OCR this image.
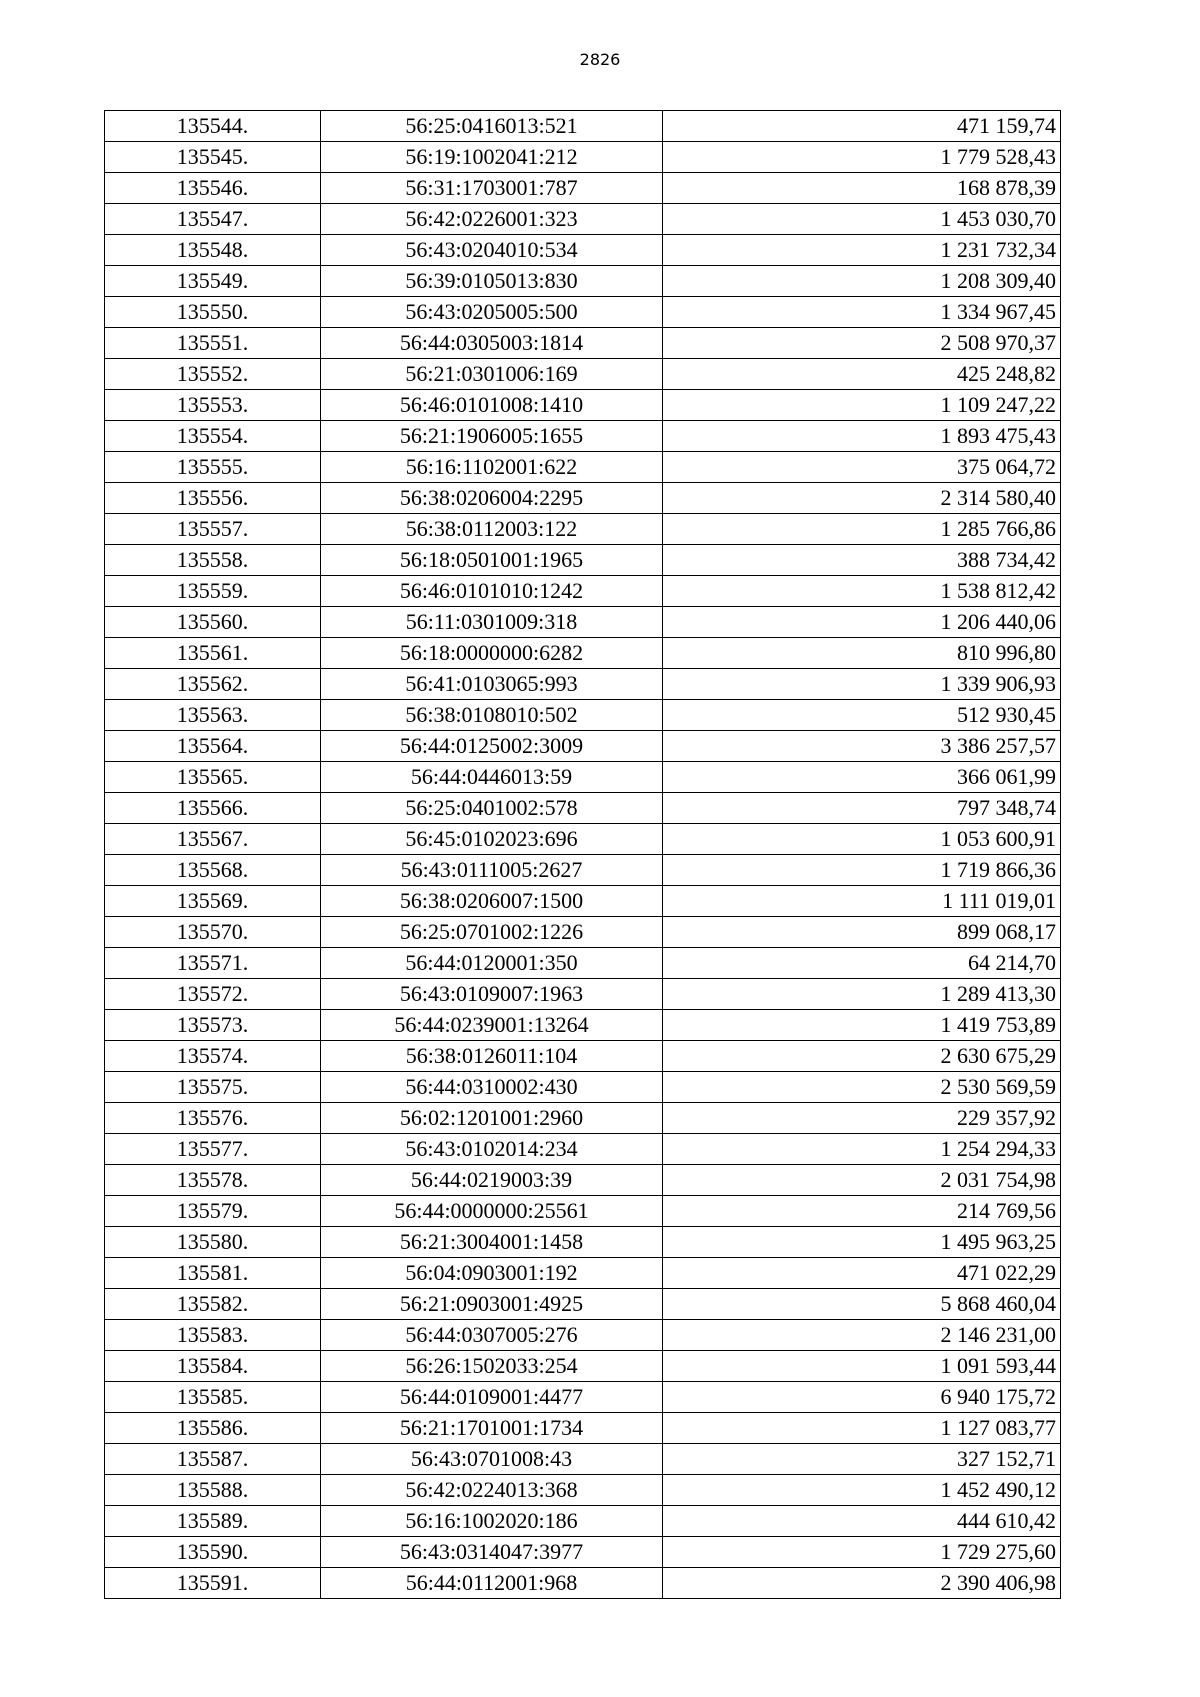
2826
135544.	56:25:0416013:521	471 159,74
135545.	56:19:1002041:212	1 779 528,43
135546.	56:31:1703001:787	168 878,39
135547.	56:42:0226001:323	1 453 030,70
135548.	56:43:0204010:534	1 231 732,34
135549.	56:39:0105013:830	1 208 309,40
135550.	56:43:0205005:500	1 334 967,45
135551.	56:44:0305003:1814	2 508 970,37
135552.	56:21:0301006:169	425 248,82
135553.	56:46:0101008:1410	1 109 247,22
135554.	56:21:1906005:1655	1 893 475,43
135555.	56:16:1102001:622	375 064,72
135556.	56:38:0206004:2295	2 314 580,40
135557.	56:38:0112003:122	1 285 766,86
135558.	56:18:0501001:1965	388 734,42
135559.	56:46:0101010:1242	1 538 812,42
135560.	56:11:0301009:318	1 206 440,06
135561.	56:18:0000000:6282	810 996,80
135562.	56:41:0103065:993	1 339 906,93
135563.	56:38:0108010:502	512 930,45
135564.	56:44:0125002:3009	3 386 257,57
135565.	56:44:0446013:59	366 061,99
135566.	56:25:0401002:578	797 348,74
135567.	56:45:0102023:696	1 053 600,91
135568.	56:43:0111005:2627	1 719 866,36
135569.	56:38:0206007:1500	1 111 019,01
135570.	56:25:0701002:1226	899 068,17
135571.	56:44:0120001:350	64 214,70
135572.	56:43:0109007:1963	1 289 413,30
135573.	56:44:0239001:13264	1 419 753,89
135574.	56:38:0126011:104	2 630 675,29
135575.	56:44:0310002:430	2 530 569,59
135576.	56:02:1201001:2960	229 357,92
135577.	56:43:0102014:234	1 254 294,33
135578.	56:44:0219003:39	2 031 754,98
135579.	56:44:0000000:25561	214 769,56
135580.	56:21:3004001:1458	1 495 963,25
135581.	56:04:0903001:192	471 022,29
135582.	56:21:0903001:4925	5 868 460,04
135583.	56:44:0307005:276	2 146 231,00
135584.	56:26:1502033:254	1 091 593,44
135585.	56:44:0109001:4477	6 940 175,72
135586.	56:21:1701001:1734	1 127 083,77
135587.	56:43:0701008:43	327 152,71
135588.	56:42:0224013:368	1 452 490,12
135589.	56:16:1002020:186	444 610,42
135590.	56:43:0314047:3977	1 729 275,60
135591.	56:44:0112001:968	2 390 406,98
